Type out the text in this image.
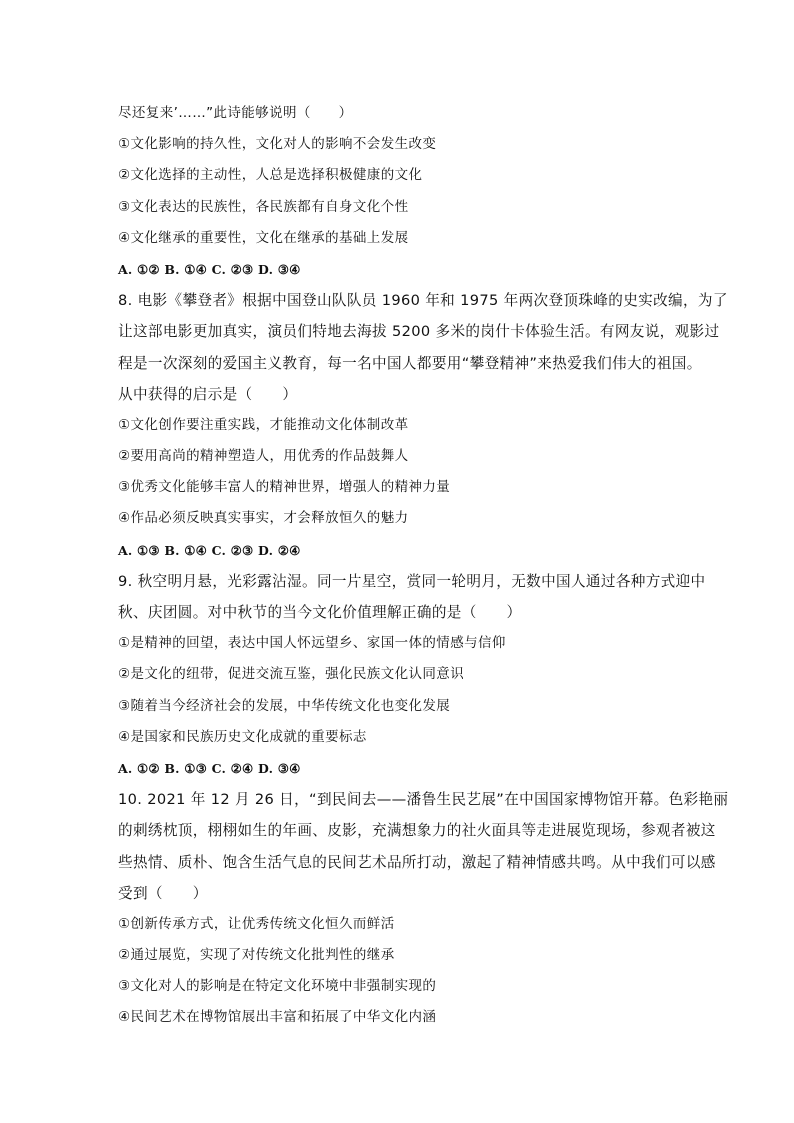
尽还复来’……”此诗能够说明（　　）
①文化影响的持久性，文化对人的影响不会发生改变
②文化选择的主动性，人总是选择积极健康的文化
③文化表达的民族性，各民族都有自身文化个性
④文化继承的重要性，文化在继承的基础上发展
A. ①② B. ①④ C. ②③ D. ③④
8. 电影《攀登者》根据中国登山队队员 1960 年和 1975 年两次登顶珠峰的史实改编，为了
让这部电影更加真实，演员们特地去海拔 5200 多米的岗什卡体验生活。有网友说，观影过
程是一次深刻的爱国主义教育，每一名中国人都要用“攀登精神”来热爱我们伟大的祖国。
从中获得的启示是（　　）
①文化创作要注重实践，才能推动文化体制改革
②要用高尚的精神塑造人，用优秀的作品鼓舞人
③优秀文化能够丰富人的精神世界，增强人的精神力量
④作品必须反映真实事实，才会释放恒久的魅力
A. ①③ B. ①④ C. ②③ D. ②④
9. 秋空明月悬，光彩露沾湿。同一片星空，赏同一轮明月，无数中国人通过各种方式迎中
秋、庆团圆。对中秋节的当今文化价值理解正确的是（　　）
①是精神的回望，表达中国人怀远望乡、家国一体的情感与信仰
②是文化的纽带，促进交流互鉴，强化民族文化认同意识
③随着当今经济社会的发展，中华传统文化也变化发展
④是国家和民族历史文化成就的重要标志
A. ①② B. ①③ C. ②④ D. ③④
10. 2021 年 12 月 26 日，“到民间去——潘鲁生民艺展”在中国国家博物馆开幕。色彩艳丽
的刺绣枕顶，栩栩如生的年画、皮影，充满想象力的社火面具等走进展览现场，参观者被这
些热情、质朴、饱含生活气息的民间艺术品所打动，激起了精神情感共鸣。从中我们可以感
受到（　　）
①创新传承方式，让优秀传统文化恒久而鲜活
②通过展览，实现了对传统文化批判性的继承
③文化对人的影响是在特定文化环境中非强制实现的
④民间艺术在博物馆展出丰富和拓展了中华文化内涵
